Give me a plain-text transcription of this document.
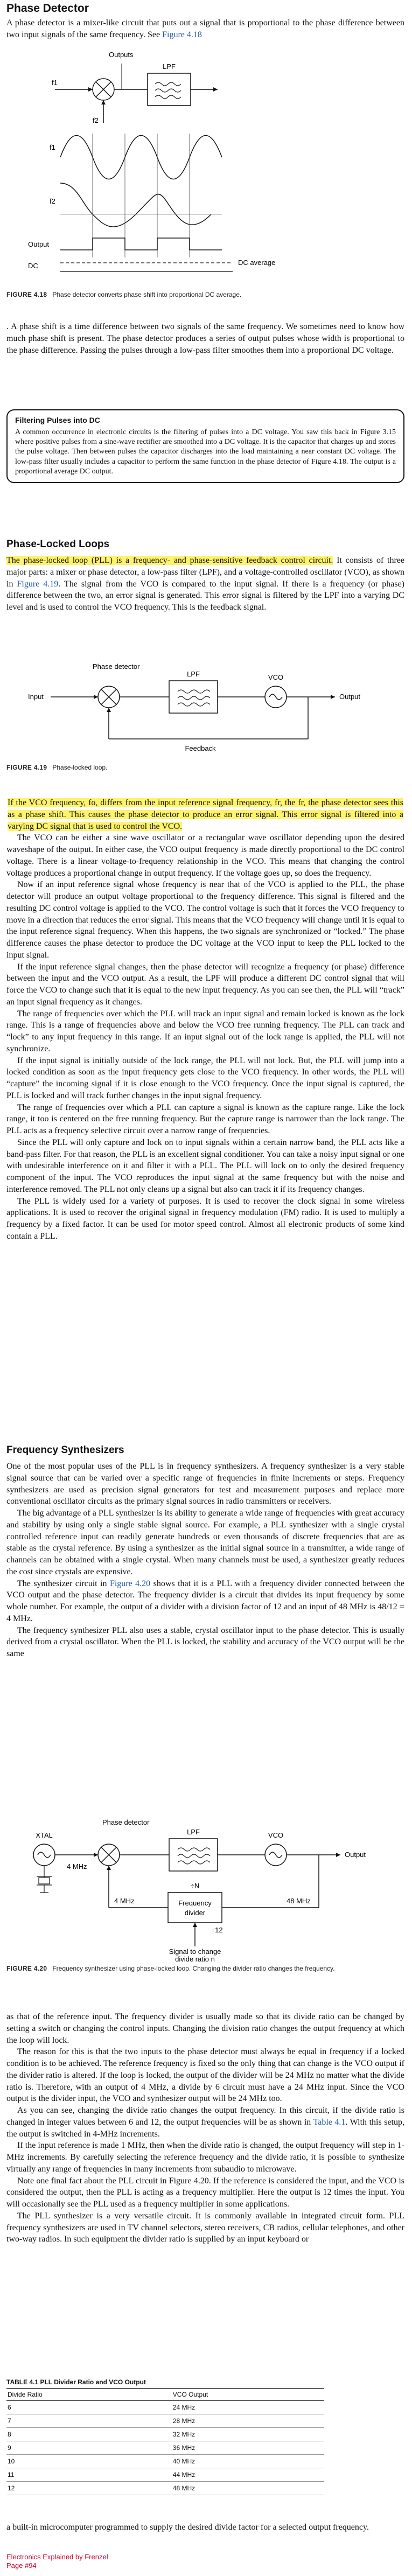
Phase Detector

A phase detector is a mixer-like circuit that puts out a signal that is proportional to the phase difference between two input signals of the same frequency. See Figure 4.18

f1
f2
Outputs
LPF
f1
f2
Output
DC	DC average
FIGURE 4.18 Phase detector converts phase shift into proportional DC average.

. A phase shift is a time difference between two signals of the same frequency. We sometimes need to know how much phase shift is present. The phase detector produces a series of output pulses whose width is proportional to the phase difference. Passing the pulses through a low-pass filter smoothes them into a proportional DC voltage.

Filtering Pulses into DC

A common occurrence in electronic circuits is the filtering of pulses into a DC voltage. You saw this back in Figure 3.15 where positive pulses from a sine-wave rectifier are smoothed into a DC voltage. It is the capacitor that charges up and stores the pulse voltage. Then between pulses the capacitor discharges into the load maintaining a near constant DC voltage. The low-pass filter usually includes a capacitor to perform the same function in the phase detector of Figure 4.18. The output is a proportional average DC output.

Phase-Locked Loops

The phase-locked loop (PLL) is a frequency- and phase-sensitive feedback control circuit. It consists of three major parts: a mixer or phase detector, a low-pass filter (LPF), and a voltage-controlled oscillator (VCO), as shown in Figure 4.19. The signal from the VCO is compared to the input signal. If there is a frequency (or phase) difference between the two, an error signal is generated. This error signal is filtered by the LPF into a varying DC level and is used to control the VCO frequency. This is the feedback signal.

Input
Phase detector
LPF	VCO
Output
Feedback
FIGURE 4.19 Phase-locked loop.

If the VCO frequency, fo, differs from the input reference signal frequency, fr, the fr, the phase detector sees this as a phase shift. This causes the phase detector to produce an error signal. This error signal is filtered into a varying DC signal that is used to control the VCO.

The VCO can be either a sine wave oscillator or a rectangular wave oscillator depending upon the desired waveshape of the output. In either case, the VCO output frequency is made directly proportional to the DC control voltage. There is a linear voltage-to-frequency relationship in the VCO. This means that changing the control voltage produces a proportional change in output frequency. If the voltage goes up, so does the frequency.

Now if an input reference signal whose frequency is near that of the VCO is applied to the PLL, the phase detector will produce an output voltage proportional to the frequency difference. This signal is filtered and the resulting DC control voltage is applied to the VCO. The control voltage is such that it forces the VCO frequency to move in a direction that reduces the error signal. This means that the VCO frequency will change until it is equal to the input reference signal frequency. When this happens, the two signals are synchronized or “locked.” The phase difference causes the phase detector to produce the DC voltage at the VCO input to keep the PLL locked to the input signal.

If the input reference signal changes, then the phase detector will recognize a frequency (or phase) difference between the input and the VCO output. As a result, the LPF will produce a different DC control signal that will force the VCO to change such that it is equal to the new input frequency. As you can see then, the PLL will “track” an input signal frequency as it changes.

The range of frequencies over which the PLL will track an input signal and remain locked is known as the lock range. This is a range of frequencies above and below the VCO free running frequency. The PLL can track and “lock” to any input frequency in this range. If an input signal out of the lock range is applied, the PLL will not synchronize.

If the input signal is initially outside of the lock range, the PLL will not lock. But, the PLL will jump into a locked condition as soon as the input frequency gets close to the VCO frequency. In other words, the PLL will “capture” the incoming signal if it is close enough to the VCO frequency. Once the input signal is captured, the PLL is locked and will track further changes in the input signal frequency.

The range of frequencies over which a PLL can capture a signal is known as the capture range. Like the lock range, it too is centered on the free running frequency. But the capture range is narrower than the lock range. The PLL acts as a frequency selective circuit over a narrow range of frequencies.

Since the PLL will only capture and lock on to input signals within a certain narrow band, the PLL acts like a band-pass filter. For that reason, the PLL is an excellent signal conditioner. You can take a noisy input signal or one with undesirable interference on it and filter it with a PLL. The PLL will lock on to only the desired frequency component of the input. The VCO reproduces the input signal at the same frequency but with the noise and interference removed. The PLL not only cleans up a signal but also can track it if its frequency changes.

The PLL is widely used for a variety of purposes. It is used to recover the clock signal in some wireless applications. It is used to recover the original signal in frequency modulation (FM) radio. It is used to multiply a frequency by a fixed factor. It can be used for motor speed control. Almost all electronic products of some kind contain a PLL.

Frequency Synthesizers

One of the most popular uses of the PLL is in frequency synthesizers. A frequency synthesizer is a very stable signal source that can be varied over a specific range of frequencies in finite increments or steps. Frequency synthesizers are used as precision signal generators for test and measurement purposes and replace more conventional oscillator circuits as the primary signal sources in radio transmitters or receivers.

The big advantage of a PLL synthesizer is its ability to generate a wide range of frequencies with great accuracy and stability by using only a single stable signal source. For example, a PLL synthesizer with a single crystal controlled reference input can readily generate hundreds or even thousands of discrete frequencies that are as stable as the crystal reference. By using a synthesizer as the initial signal source in a transmitter, a wide range of channels can be obtained with a single crystal. When many channels must be used, a synthesizer greatly reduces the cost since crystals are expensive.

The synthesizer circuit in Figure 4.20 shows that it is a PLL with a frequency divider connected between the VCO output and the phase detector. The frequency divider is a circuit that divides its input frequency by some whole number. For example, the output of a divider with a division factor of 12 and an input of 48 MHz is 48/12 = 4 MHz.

The frequency synthesizer PLL also uses a stable, crystal oscillator input to the phase detector. This is usually derived from a crystal oscillator. When the PLL is locked, the stability and accuracy of the VCO output will be the same

XTAL
4 MHz
Phase detector
LPF	VCO
Output
48 MHz
÷N
Frequency
divider
÷12
4 MHz
Signal to change
divide ratio n
FIGURE 4.20 Frequency synthesizer using phase-locked loop. Changing the divider ratio changes the frequency.

as that of the reference input. The frequency divider is usually made so that its divide ratio can be changed by setting a switch or changing the control inputs. Changing the division ratio changes the output frequency at which the loop will lock.

The reason for this is that the two inputs to the phase detector must always be equal in frequency if a locked condition is to be achieved. The reference frequency is fixed so the only thing that can change is the VCO output if the divider ratio is altered. If the loop is locked, the output of the divider will be 24 MHz no matter what the divide ratio is. Therefore, with an output of 4 MHz, a divide by 6 circuit must have a 24 MHz input. Since the VCO output is the divider input, the VCO and synthesizer output will be 24 MHz too.

As you can see, changing the divide ratio changes the output frequency. In this circuit, if the divide ratio is changed in integer values between 6 and 12, the output frequencies will be as shown in Table 4.1. With this setup, the output is switched in 4-MHz increments.

If the input reference is made 1 MHz, then when the divide ratio is changed, the output frequency will step in 1-MHz increments. By carefully selecting the reference frequency and the divide ratio, it is possible to synthesize virtually any range of frequencies in many increments from subaudio to microwave.

Note one final fact about the PLL circuit in Figure 4.20. If the reference is considered the input, and the VCO is considered the output, then the PLL is acting as a frequency multiplier. Here the output is 12 times the input. You will occasionally see the PLL used as a frequency multiplier in some applications.

The PLL synthesizer is a very versatile circuit. It is commonly available in integrated circuit form. PLL frequency synthesizers are used in TV channel selectors, stereo receivers, CB radios, cellular telephones, and other two-way radios. In such equipment the divider ratio is supplied by an input keyboard or

TABLE 4.1 PLL Divider Ratio and VCO Output
Divide Ratio	VCO Output
6	24 MHz
7	28 MHz
8	32 MHz
9	36 MHz
10	40 MHz
11	44 MHz
12	48 MHz

a built-in microcomputer programmed to supply the desired divide factor for a selected output frequency.

Electronics Explained by Frenzel
Page #94
